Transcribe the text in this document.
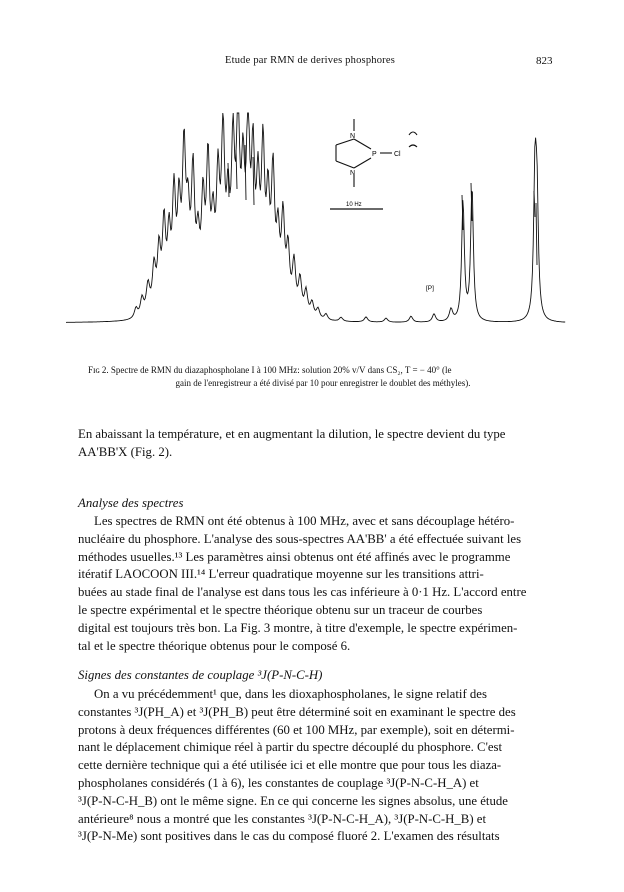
Etude par RMN de derives phosphores	823
N
N
P Cl
10 Hz
[P]
Fɪɢ 2. Spectre de RMN du diazaphospholane I à 100 MHz: solution 20% v/V dans CS₂, T = − 40° (le
gain de l'enregistreur a été divisé par 10 pour enregistrer le doublet des méthyles).
En abaissant la température, et en augmentant la dilution, le spectre devient du type
AA'BB'X (Fig. 2).
Analyse des spectres
Les spectres de RMN ont été obtenus à 100 MHz, avec et sans découplage hétéro-
nucléaire du phosphore. L'analyse des sous-spectres AA'BB' a été effectuée suivant les
méthodes usuelles.¹³ Les paramètres ainsi obtenus ont été affinés avec le programme
itératif LAOCOON III.¹⁴ L'erreur quadratique moyenne sur les transitions attri-
buées au stade final de l'analyse est dans tous les cas inférieure à 0·1 Hz. L'accord entre
le spectre expérimental et le spectre théorique obtenu sur un traceur de courbes
digital est toujours très bon. La Fig. 3 montre, à titre d'exemple, le spectre expérimen-
tal et le spectre théorique obtenus pour le composé 6.
Signes des constantes de couplage ³J(P-N-C-H)
On a vu précédemment¹ que, dans les dioxaphospholanes, le signe relatif des
constantes ³J(PH_A) et ³J(PH_B) peut être déterminé soit en examinant le spectre des
protons à deux fréquences différentes (60 et 100 MHz, par exemple), soit en détermi-
nant le déplacement chimique réel à partir du spectre découplé du phosphore. C'est
cette dernière technique qui a été utilisée ici et elle montre que pour tous les diaza-
phospholanes considérés (1 à 6), les constantes de couplage ³J(P-N-C-H_A) et
³J(P-N-C-H_B) ont le même signe. En ce qui concerne les signes absolus, une étude
antérieure⁸ nous a montré que les constantes ³J(P-N-C-H_A), ³J(P-N-C-H_B) et
³J(P-N-Me) sont positives dans le cas du composé fluoré 2. L'examen des résultats
